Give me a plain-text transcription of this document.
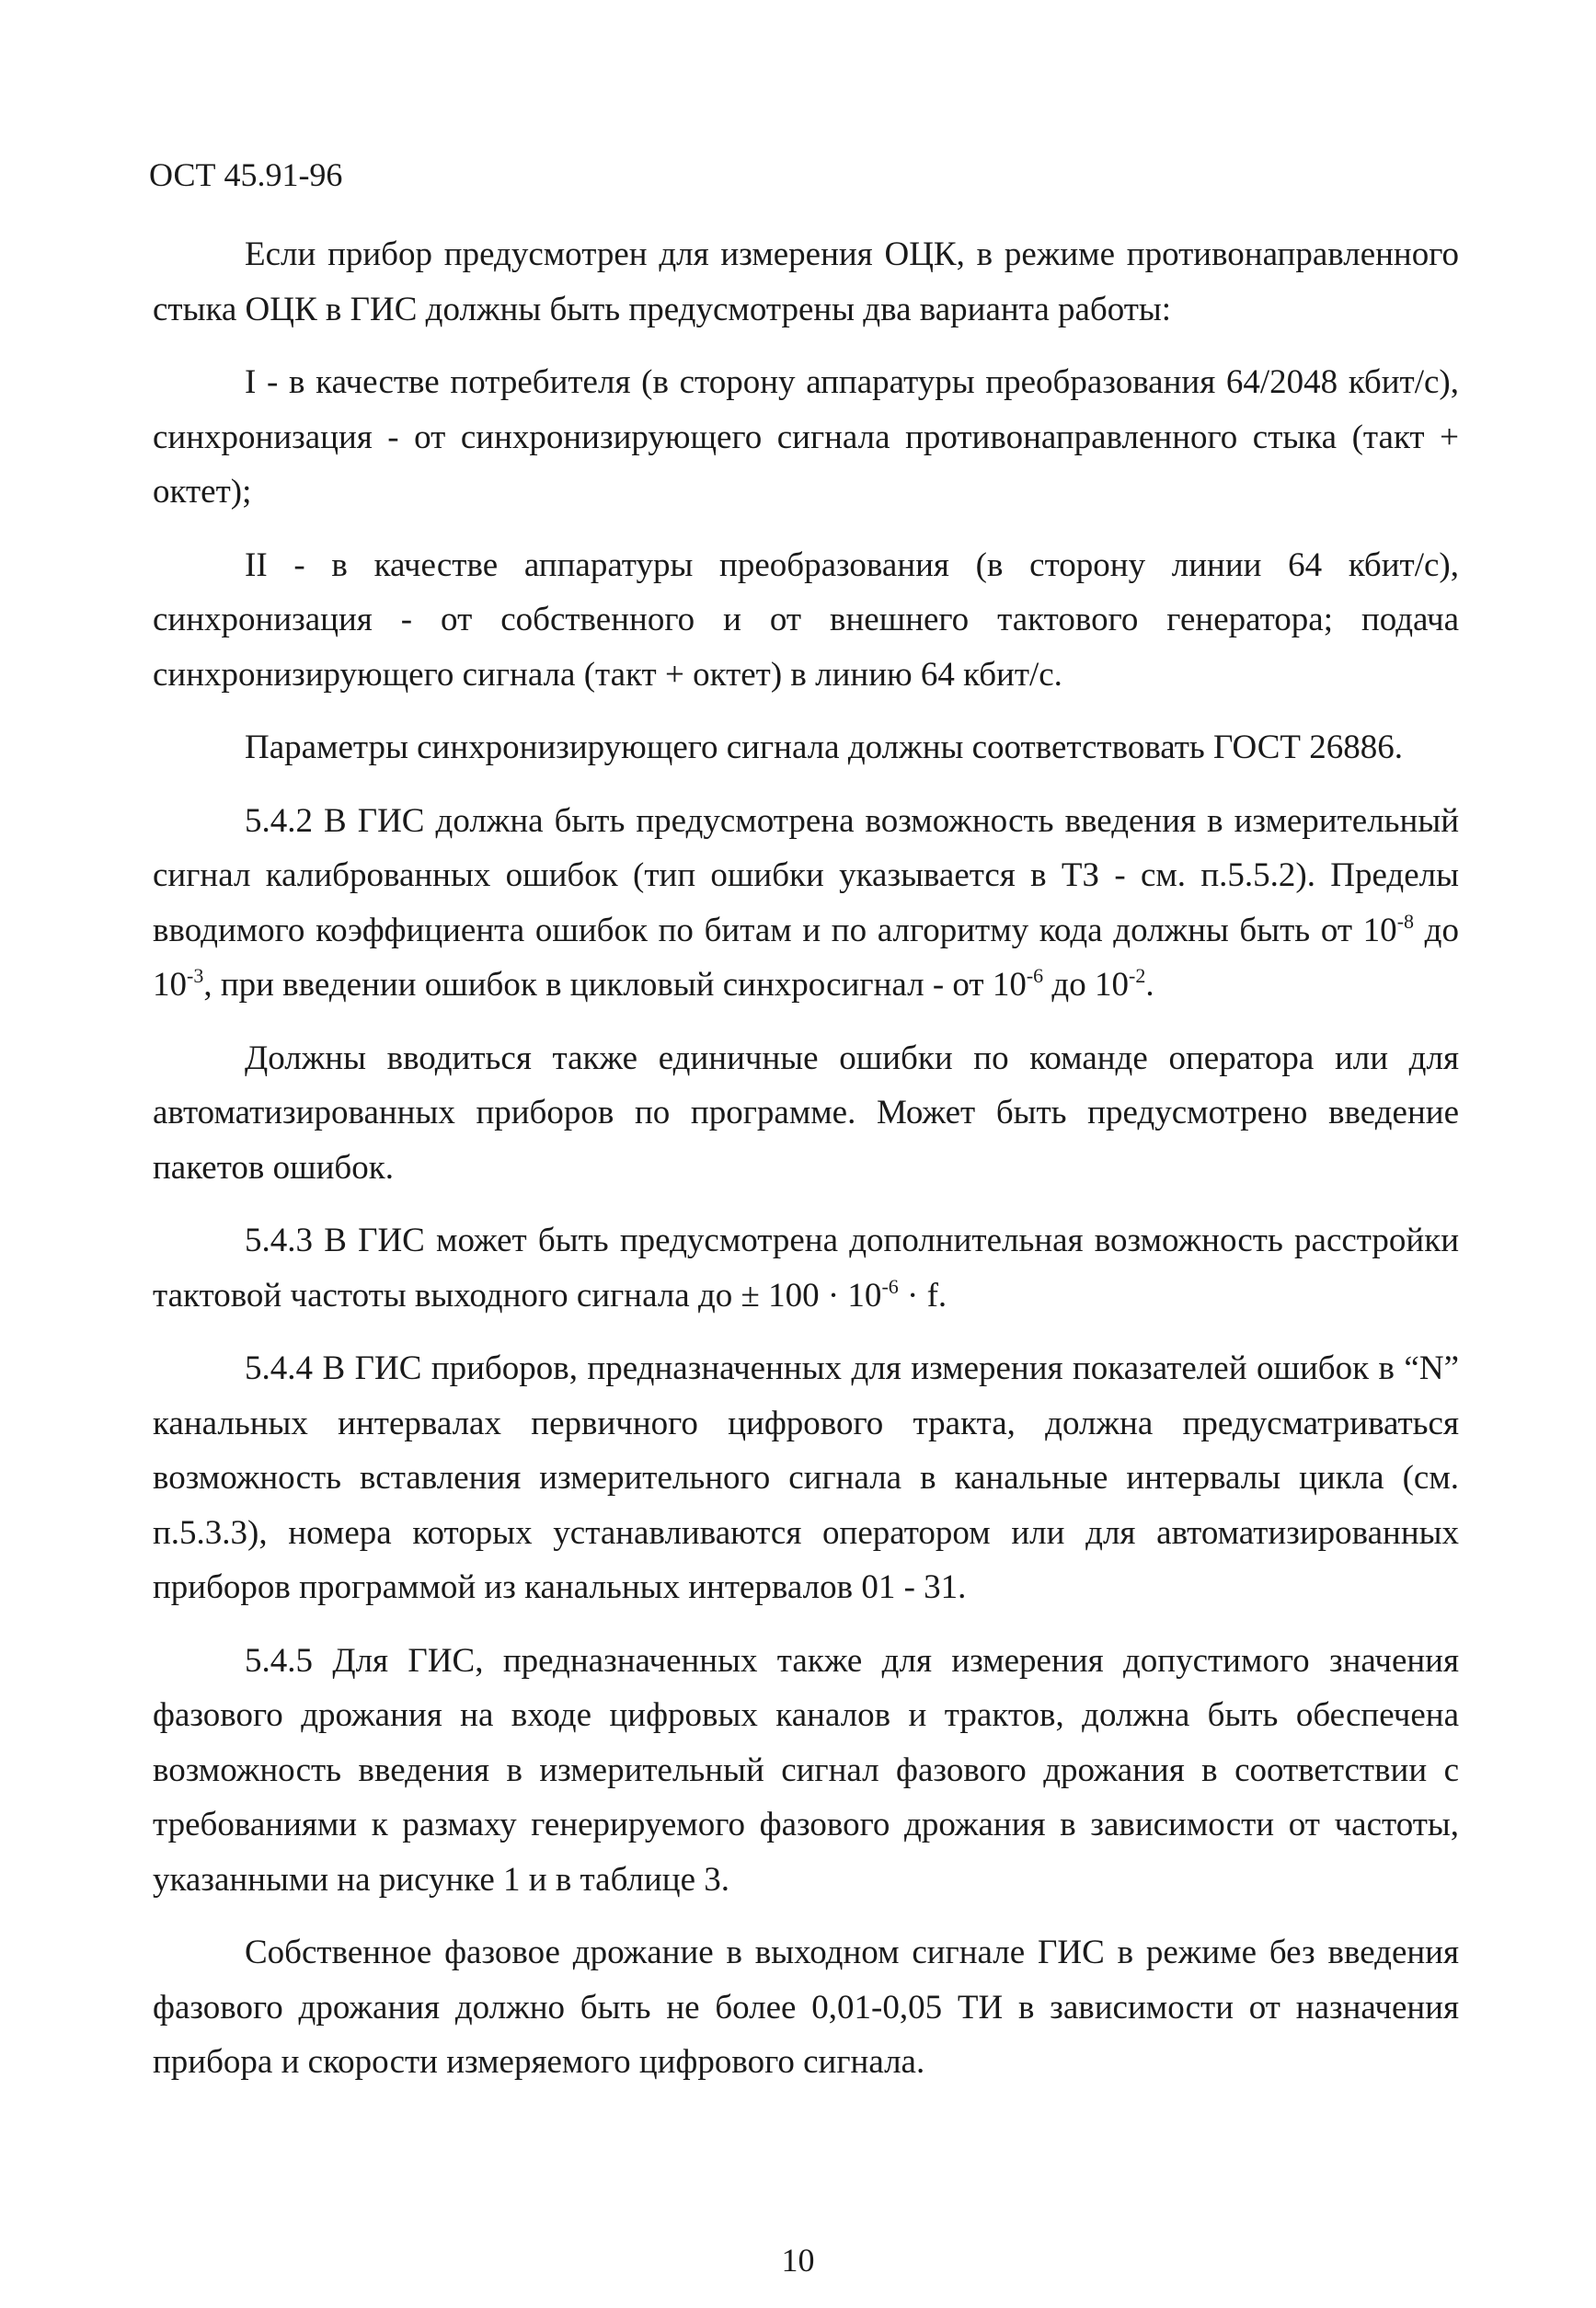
ОСТ 45.91-96

Если прибор предусмотрен для измерения ОЦК, в режиме противонаправленного стыка ОЦК в ГИС должны быть предусмотрены два варианта работы:

I - в качестве потребителя (в сторону аппаратуры преобразования 64/2048 кбит/с), синхронизация - от синхронизирующего сигнала противонаправленного стыка (такт + октет);

II - в качестве аппаратуры преобразования (в сторону линии 64 кбит/с), синхронизация - от собственного и от внешнего тактового генератора; подача синхронизирующего сигнала (такт + октет) в линию 64 кбит/с.

Параметры синхронизирующего сигнала должны соответствовать ГОСТ 26886.

5.4.2 В ГИС должна быть предусмотрена возможность введения в измерительный сигнал калиброванных ошибок (тип ошибки указывается в ТЗ - см. п.5.5.2). Пределы вводимого коэффициента ошибок по битам и по алгоритму кода должны быть от $10^{-8}$ до $10^{-3}$, при введении ошибок в цикловый синхросигнал - от $10^{-6}$ до $10^{-2}$.

Должны вводиться также единичные ошибки по команде оператора или для автоматизированных приборов по программе. Может быть предусмотрено введение пакетов ошибок.

5.4.3 В ГИС может быть предусмотрена дополнительная возможность расстройки тактовой частоты выходного сигнала до ± $100 \cdot 10^{-6} \cdot f$.

5.4.4 В ГИС приборов, предназначенных для измерения показателей ошибок в “N” канальных интервалах первичного цифрового тракта, должна предусматриваться возможность вставления измерительного сигнала в канальные интервалы цикла (см. п.5.3.3), номера которых устанавливаются оператором или для автоматизированных приборов программой из канальных интервалов 01 - 31.

5.4.5 Для ГИС, предназначенных также для измерения допустимого значения фазового дрожания на входе цифровых каналов и трактов, должна быть обеспечена возможность введения в измерительный сигнал фазового дрожания в соответствии с требованиями к размаху генерируемого фазового дрожания в зависимости от частоты, указанными на рисунке 1 и в таблице 3.

Собственное фазовое дрожание в выходном сигнале ГИС в режиме без введения фазового дрожания должно быть не более 0,01-0,05 ТИ в зависимости от назначения прибора и скорости измеряемого цифрового сигнала.

10
